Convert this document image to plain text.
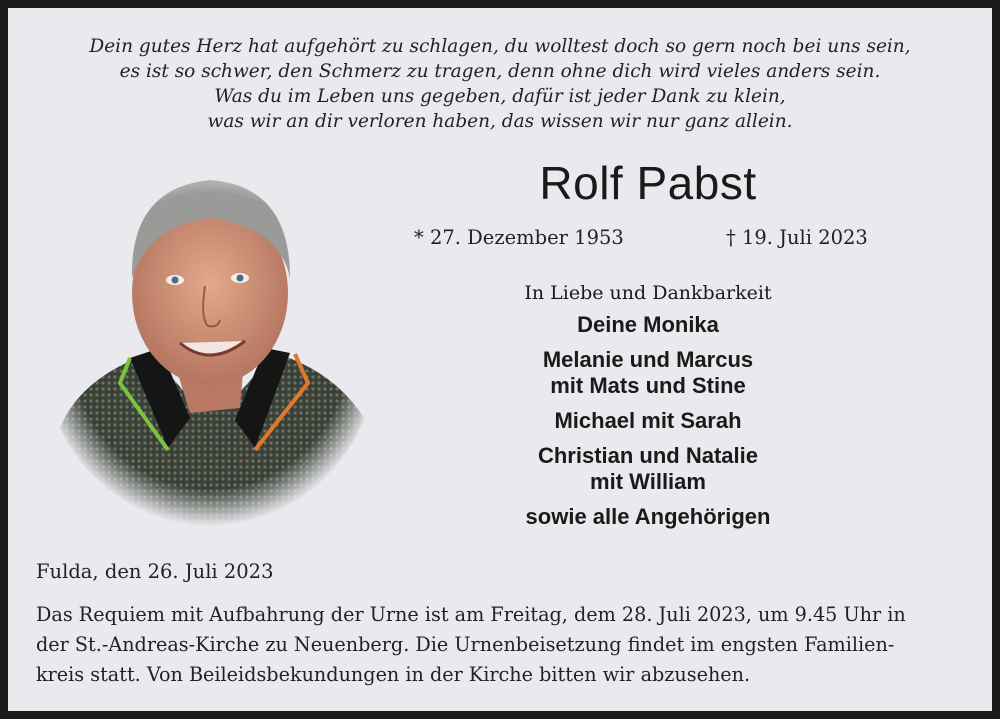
Dein gutes Herz hat aufgehört zu schlagen, du wolltest doch so gern noch bei uns sein,
es ist so schwer, den Schmerz zu tragen, denn ohne dich wird vieles anders sein.
Was du im Leben uns gegeben, dafür ist jeder Dank zu klein,
was wir an dir verloren haben, das wissen wir nur ganz allein.
Rolf Pabst
* 27. Dezember 1953	† 19. Juli 2023
In Liebe und Dankbarkeit
Deine Monika
Melanie und Marcus
mit Mats und Stine
Michael mit Sarah
Christian und Natalie
mit William
sowie alle Angehörigen
Fulda, den 26. Juli 2023
Das Requiem mit Aufbahrung der Urne ist am Freitag, dem 28. Juli 2023, um 9.45 Uhr in
der St.-Andreas-Kirche zu Neuenberg. Die Urnenbeisetzung findet im engsten Familien-
kreis statt. Von Beileidsbekundungen in der Kirche bitten wir abzusehen.
